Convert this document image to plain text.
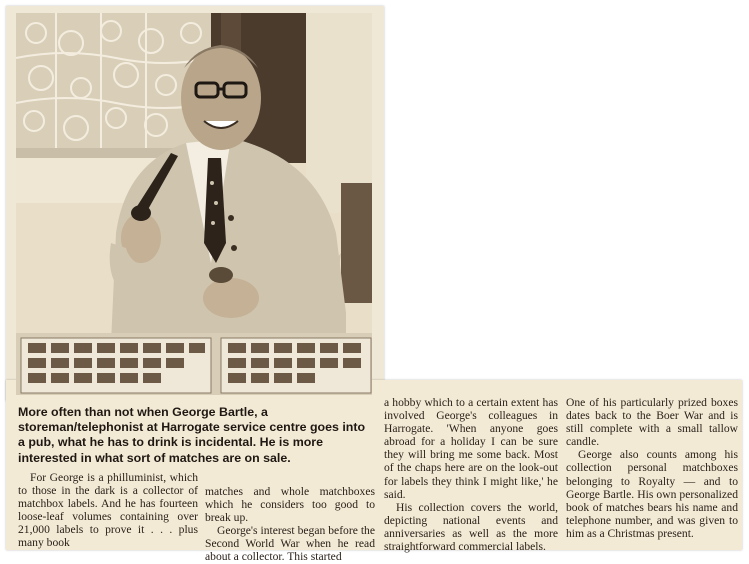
More often than not when George Bartle, a storeman/telephonist at Harrogate service centre goes into a pub, what he has to drink is incidental. He is more interested in what sort of matches are on sale.

For George is a philluminist, which to those in the dark is a collector of matchbox labels. And he has fourteen loose-leaf volumes containing over 21,000 labels to prove it . . . plus many book

matches and whole matchboxes which he considers too good to break up.

George's interest began before the Second World War when he read about a collector. This started

a hobby which to a certain extent has involved George's colleagues in Harrogate. 'When anyone goes abroad for a holiday I can be sure they will bring me some back. Most of the chaps here are on the look-out for labels they think I might like,' he said.

His collection covers the world, depicting national events and anniversaries as well as the more straightforward commercial labels.

One of his particularly prized boxes dates back to the Boer War and is still complete with a small tallow candle.

George also counts among his collection personal matchboxes belonging to Royalty — and to George Bartle. His own personalized book of matches bears his name and telephone number, and was given to him as a Christmas present.
